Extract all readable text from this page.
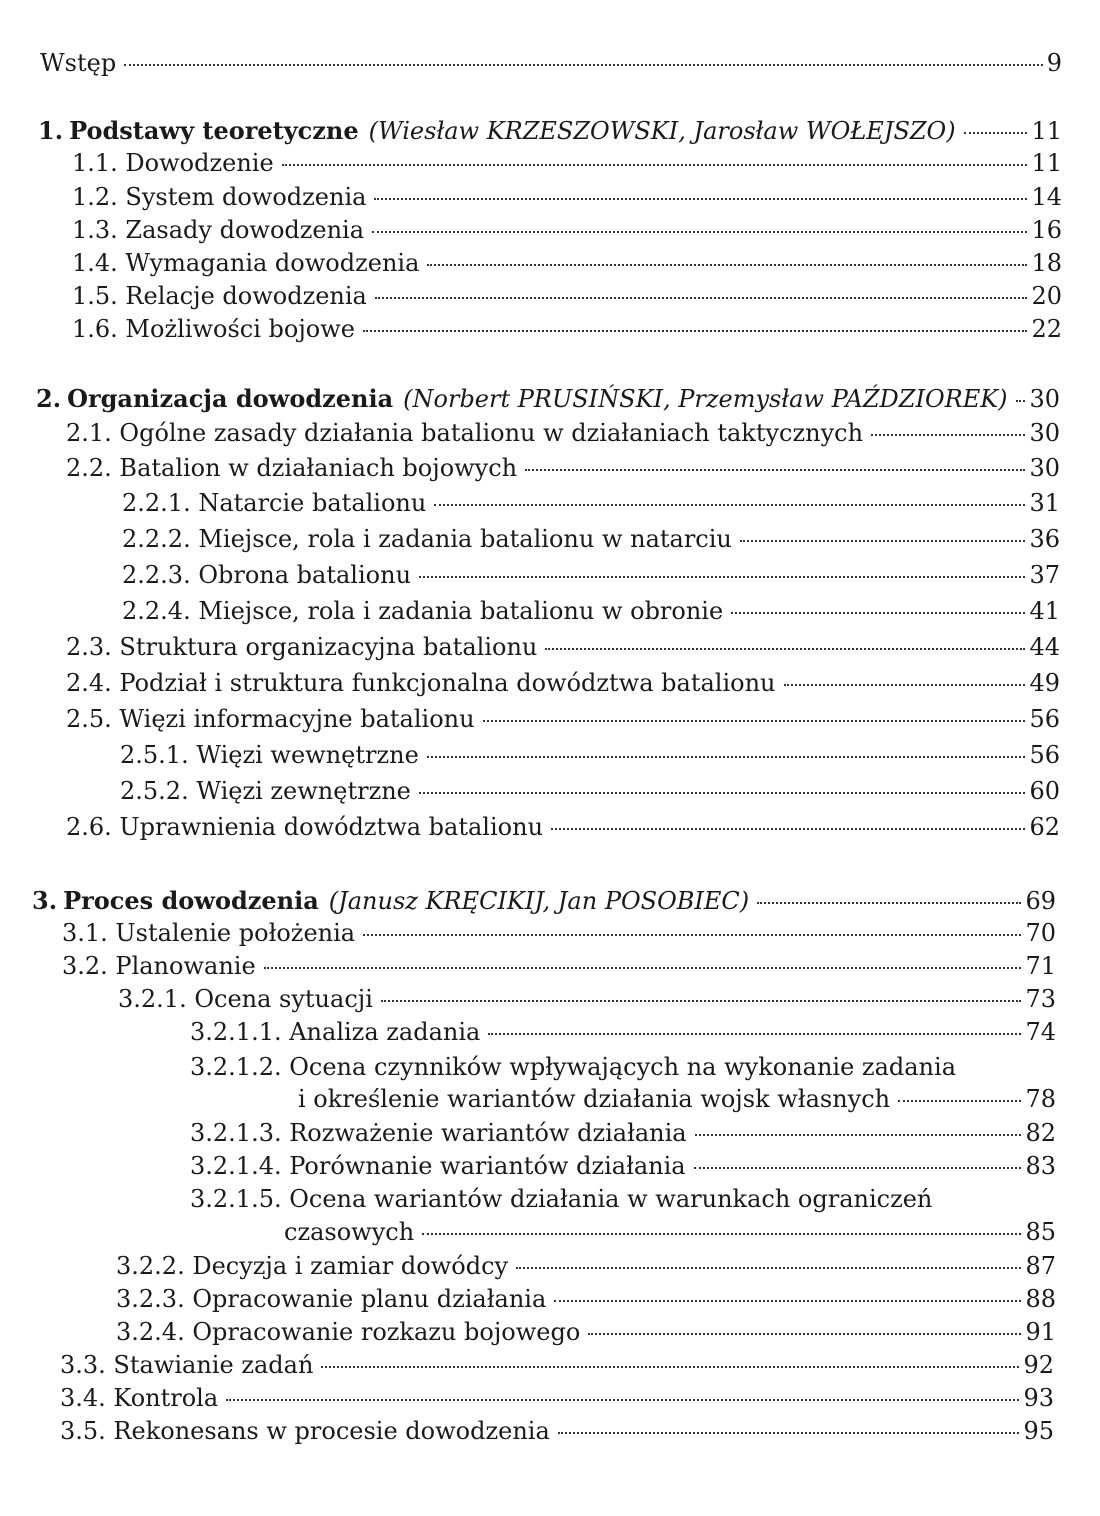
Wstęp	9
1. Podstawy teoretyczne (Wiesław KRZESZOWSKI, Jarosław WOŁEJSZO)	11
1.1. Dowodzenie	11
1.2. System dowodzenia	14
1.3. Zasady dowodzenia	16
1.4. Wymagania dowodzenia	18
1.5. Relacje dowodzenia	20
1.6. Możliwości bojowe	22
2. Organizacja dowodzenia (Norbert PRUSIŃSKI, Przemysław PAŹDZIOREK) 30
2.1. Ogólne zasady działania batalionu w działaniach taktycznych	30
2.2. Batalion w działaniach bojowych	30
2.2.1. Natarcie batalionu	31
2.2.2. Miejsce, rola i zadania batalionu w natarciu	36
2.2.3. Obrona batalionu	37
2.2.4. Miejsce, rola i zadania batalionu w obronie	41
2.3. Struktura organizacyjna batalionu	44
2.4. Podział i struktura funkcjonalna dowództwa batalionu	49
2.5. Więzi informacyjne batalionu	56
2.5.1. Więzi wewnętrzne	56
2.5.2. Więzi zewnętrzne	60
2.6. Uprawnienia dowództwa batalionu	62
3. Proces dowodzenia (Janusz KRĘCIKIJ, Jan POSOBIEC)	69
3.1. Ustalenie położenia	70
3.2. Planowanie	71
3.2.1. Ocena sytuacji	73
3.2.1.1. Analiza zadania	74
3.2.1.2. Ocena czynników wpływających na wykonanie zadania
i określenie wariantów działania wojsk własnych	78
3.2.1.3. Rozważenie wariantów działania	82
3.2.1.4. Porównanie wariantów działania	83
3.2.1.5. Ocena wariantów działania w warunkach ograniczeń
czasowych	85
3.2.2. Decyzja i zamiar dowódcy	87
3.2.3. Opracowanie planu działania	88
3.2.4. Opracowanie rozkazu bojowego	91
3.3. Stawianie zadań	92
3.4. Kontrola	93
3.5. Rekonesans w procesie dowodzenia	95
